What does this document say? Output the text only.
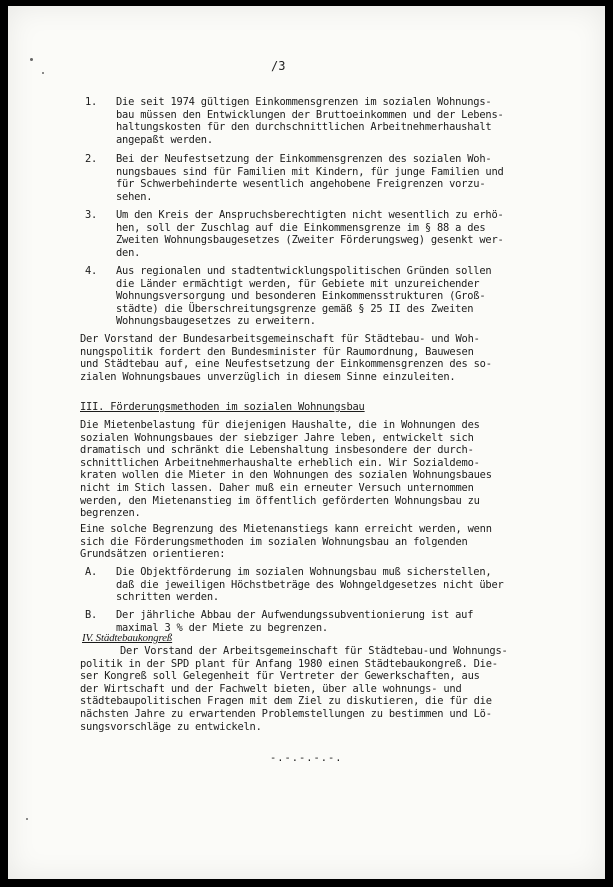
/3
1. Die seit 1974 gültigen Einkommensgrenzen im sozialen Wohnungs-
bau müssen den Entwicklungen der Bruttoeinkommen und der Lebens-
haltungskosten für den durchschnittlichen Arbeitnehmerhaushalt
angepaßt werden.
2. Bei der Neufestsetzung der Einkommensgrenzen des sozialen Woh-
nungsbaues sind für Familien mit Kindern, für junge Familien und
für Schwerbehinderte wesentlich angehobene Freigrenzen vorzu-
sehen.
3. Um den Kreis der Anspruchsberechtigten nicht wesentlich zu erhö-
hen, soll der Zuschlag auf die Einkommensgrenze im § 88 a des
Zweiten Wohnungsbaugesetzes (Zweiter Förderungsweg) gesenkt wer-
den.
4. Aus regionalen und stadtentwicklungspolitischen Gründen sollen
die Länder ermächtigt werden, für Gebiete mit unzureichender
Wohnungsversorgung und besonderen Einkommensstrukturen (Groß-
städte) die Überschreitungsgrenze gemäß § 25 II des Zweiten
Wohnungsbaugesetzes zu erweitern.
Der Vorstand der Bundesarbeitsgemeinschaft für Städtebau- und Woh-
nungspolitik fordert den Bundesminister für Raumordnung, Bauwesen
und Städtebau auf, eine Neufestsetzung der Einkommensgrenzen des so-
zialen Wohnungsbaues unverzüglich in diesem Sinne einzuleiten.
III. Förderungsmethoden im sozialen Wohnungsbau
Die Mietenbelastung für diejenigen Haushalte, die in Wohnungen des
sozialen Wohnungsbaues der siebziger Jahre leben, entwickelt sich
dramatisch und schränkt die Lebenshaltung insbesondere der durch-
schnittlichen Arbeitnehmerhaushalte erheblich ein. Wir Sozialdemo-
kraten wollen die Mieter in den Wohnungen des sozialen Wohnungsbaues
nicht im Stich lassen. Daher muß ein erneuter Versuch unternommen
werden, den Mietenanstieg im öffentlich geförderten Wohnungsbau zu
begrenzen.
Eine solche Begrenzung des Mietenanstiegs kann erreicht werden, wenn
sich die Förderungsmethoden im sozialen Wohnungsbau an folgenden
Grundsätzen orientieren:
A. Die Objektförderung im sozialen Wohnungsbau muß sicherstellen,
daß die jeweiligen Höchstbeträge des Wohngeldgesetzes nicht über
schritten werden.
B. Der jährliche Abbau der Aufwendungssubventionierung ist auf
maximal 3 % der Miete zu begrenzen.
IV. Städtebaukongreß
Der Vorstand der Arbeitsgemeinschaft für Städtebau-und Wohnungs-
politik in der SPD plant für Anfang 1980 einen Städtebaukongreß. Die-
ser Kongreß soll Gelegenheit für Vertreter der Gewerkschaften, aus
der Wirtschaft und der Fachwelt bieten, über alle wohnungs- und
städtebaupolitischen Fragen mit dem Ziel zu diskutieren, die für die
nächsten Jahre zu erwartenden Problemstellungen zu bestimmen und Lö-
sungsvorschläge zu entwickeln.
-.-.-.-.-.
